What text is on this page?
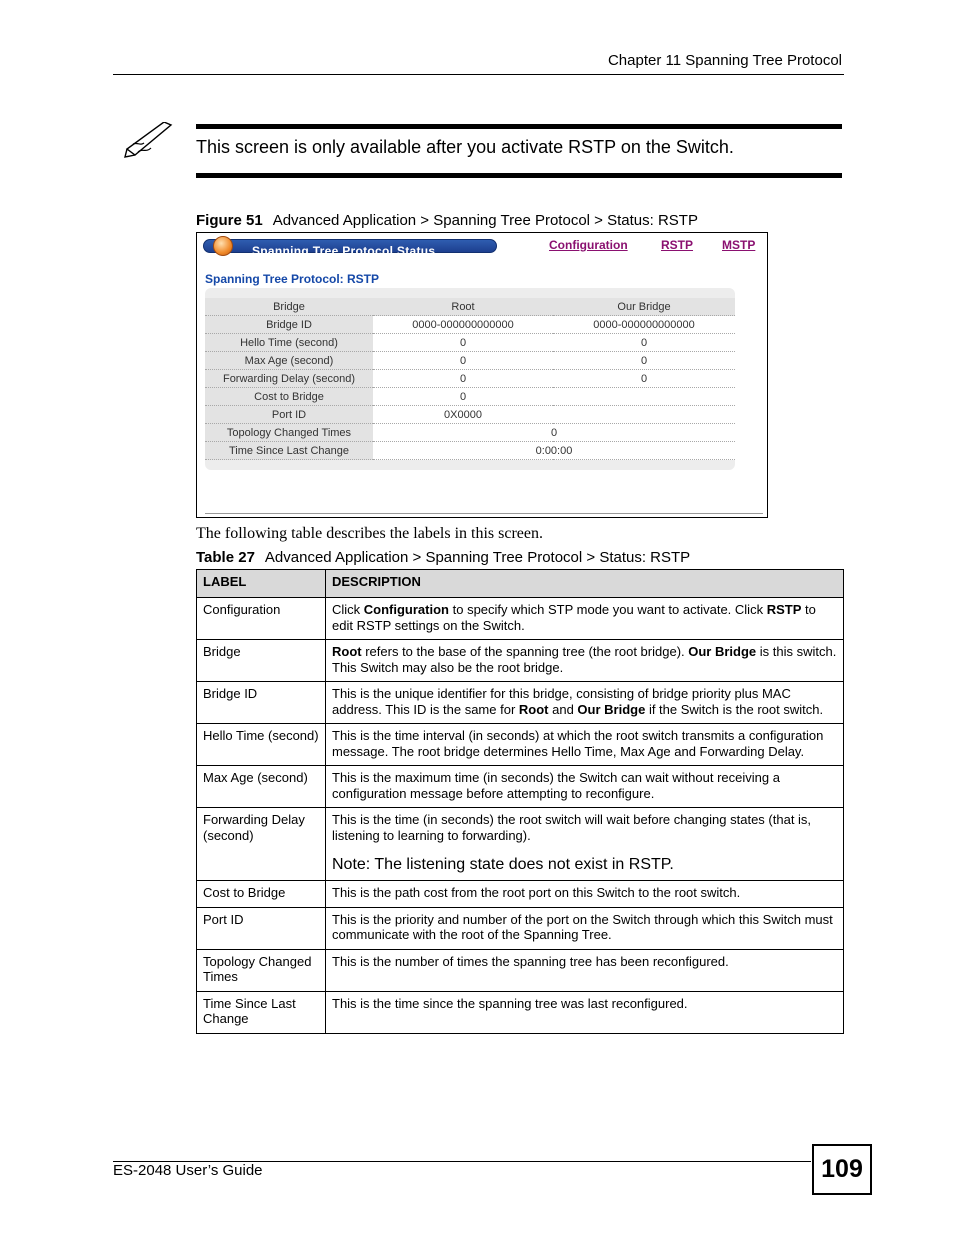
Chapter 11 Spanning Tree Protocol
This screen is only available after you activate RSTP on the Switch.
Figure 51 Advanced Application > Spanning Tree Protocol > Status: RSTP
Spanning Tree Protocol Status	Configuration	RSTP MSTP
Spanning Tree Protocol: RSTP
Bridge	Root	Our Bridge
Bridge ID	0000-000000000000	0000-000000000000
Hello Time (second)	0	0
Max Age (second)	0	0
Forwarding Delay (second)	0	0
Cost to Bridge	0	
Port ID	0X0000	
Topology Changed Times	0	
Time Since Last Change	0:00:00	
The following table describes the labels in this screen.
Table 27 Advanced Application > Spanning Tree Protocol > Status: RSTP
LABEL	DESCRIPTION
Configuration	Click Configuration to specify which STP mode you want to activate. Click RSTP to edit RSTP settings on the Switch.
Bridge	Root refers to the base of the spanning tree (the root bridge). Our Bridge is this switch. This Switch may also be the root bridge.
Bridge ID	This is the unique identifier for this bridge, consisting of bridge priority plus MAC address. This ID is the same for Root and Our Bridge if the Switch is the root switch.
Hello Time (second)	This is the time interval (in seconds) at which the root switch transmits a configuration message. The root bridge determines Hello Time, Max Age and Forwarding Delay.
Max Age (second)	This is the maximum time (in seconds) the Switch can wait without receiving a configuration message before attempting to reconfigure.
Forwarding Delay (second)	This is the time (in seconds) the root switch will wait before changing states (that is, listening to learning to forwarding).
Note: The listening state does not exist in RSTP.

Cost to Bridge	This is the path cost from the root port on this Switch to the root switch.
Port ID	This is the priority and number of the port on the Switch through which this Switch must communicate with the root of the Spanning Tree.
Topology Changed Times	This is the number of times the spanning tree has been reconfigured.
Time Since Last Change	This is the time since the spanning tree was last reconfigured.
ES-2048 User’s Guide	109
